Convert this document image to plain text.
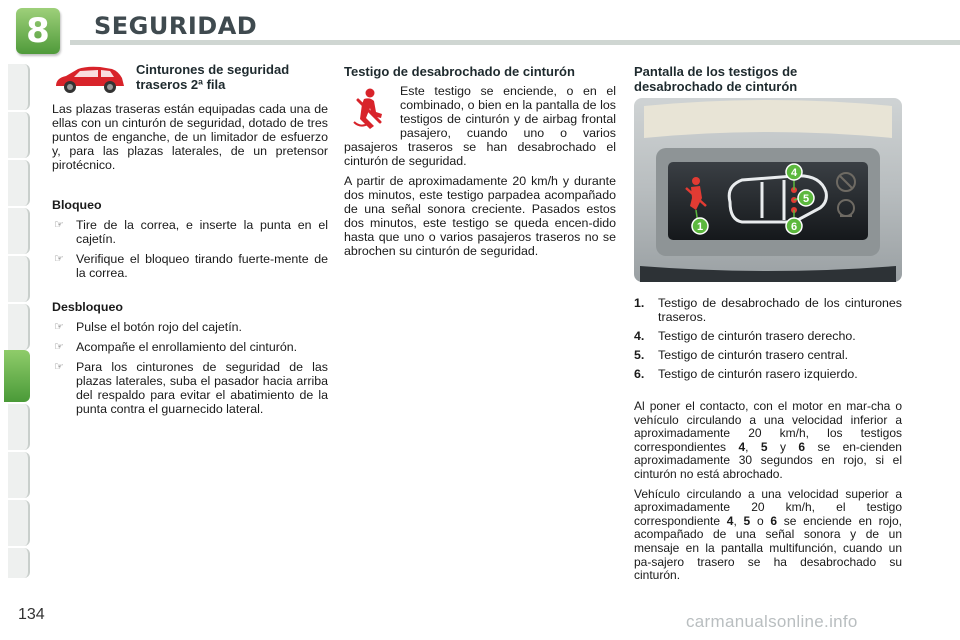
8	SEGURIDAD
Cinturones de seguridad
traseros 2ª fila
Las plazas traseras están equipadas cada una de ellas con un cinturón de seguridad, dotado de tres puntos de enganche, de un limitador de esfuerzo y, para las plazas laterales, de un pretensor pirotécnico.
Bloqueo
☞ Tire de la correa, e inserte la punta en el cajetín.
☞ Verifique el bloqueo tirando fuerte-mente de la correa.
Desbloqueo
☞ Pulse el botón rojo del cajetín.
☞ Acompañe el enrollamiento del cinturón.
☞ Para los cinturones de seguridad de las plazas laterales, suba el pasador hacia arriba del respaldo para evitar el abatimiento de la punta contra el guarnecido lateral.
Testigo de desabrochado de cinturón

Este testigo se enciende, o en el combinado, o bien en la pantalla de los testigos de cinturón y de airbag frontal pasajero, cuando uno o varios pasajeros traseros se han desabrochado el cinturón de seguridad.

A partir de aproximadamente 20 km/h y durante dos minutos, este testigo parpadea acompañado de una señal sonora creciente. Pasados estos dos minutos, este testigo se queda encen-dido hasta que uno o varios pasajeros traseros no se abrochen su cinturón de seguridad.

Pantalla de los testigos de
desabrochado de cinturón
4
5
1	6
1. Testigo de desabrochado de los cinturones traseros.
4. Testigo de cinturón trasero derecho.
5. Testigo de cinturón trasero central.
6. Testigo de cinturón rasero izquierdo.

Al poner el contacto, con el motor en mar-cha o vehículo circulando a una velocidad inferior a aproximadamente 20 km/h, los testigos correspondientes 4, 5 y 6 se en-cienden aproximadamente 30 segundos en rojo, si el cinturón no está abrochado.

Vehículo circulando a una velocidad superior a aproximadamente 20 km/h, el testigo correspondiente 4, 5 o 6 se enciende en rojo, acompañado de una señal sonora y de un mensaje en la pantalla multifunción, cuando un pa-sajero trasero se ha desabrochado su cinturón.

134	carmanualsonline.info
